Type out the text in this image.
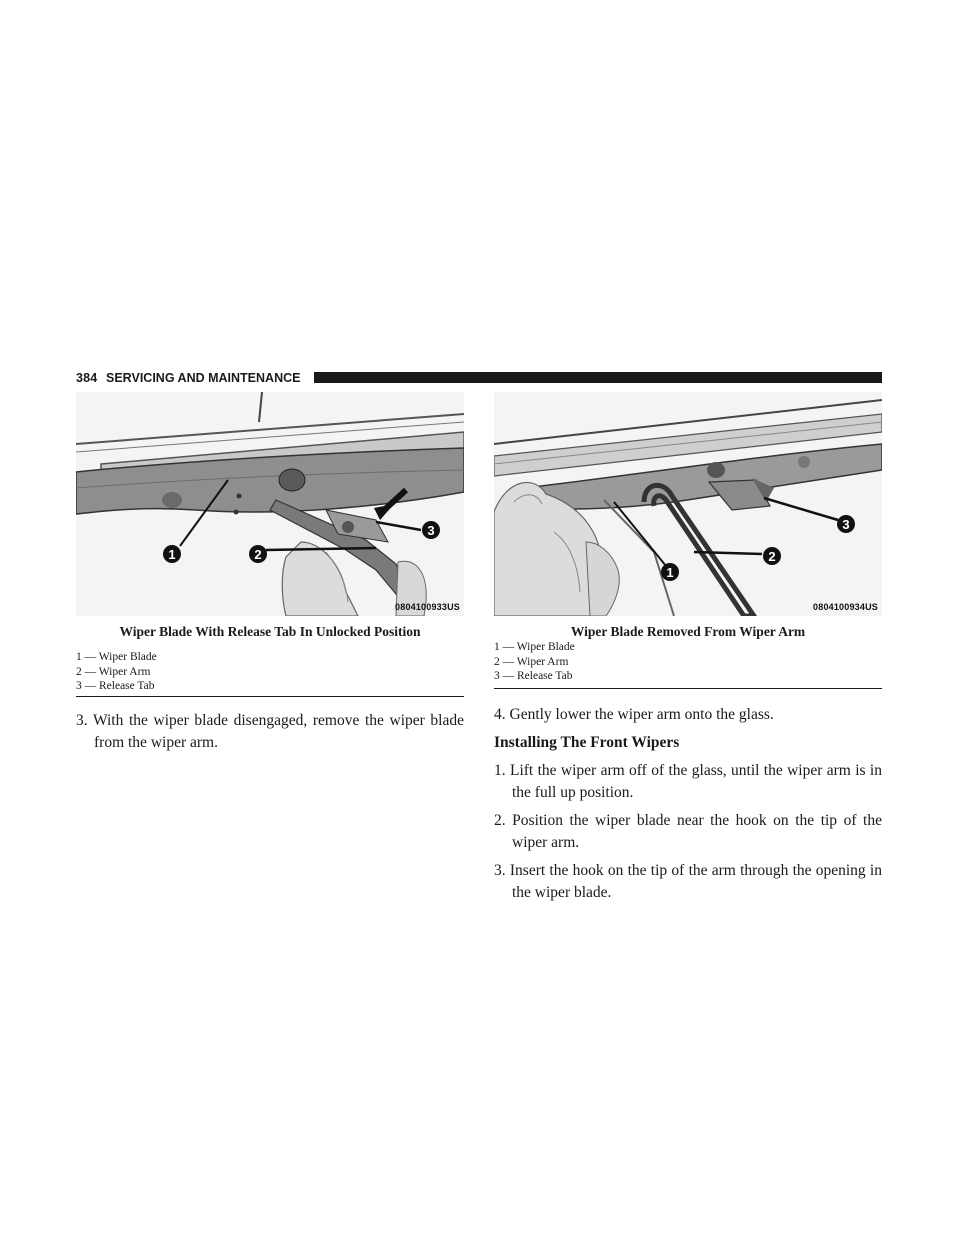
384 SERVICING AND MAINTENANCE
1	2
3
0804100933US
Wiper Blade With Release Tab In Unlocked Position
1 — Wiper Blade
2 — Wiper Arm
3 — Release Tab
1
2
3
0804100934US
Wiper Blade Removed From Wiper Arm
1 — Wiper Blade
2 — Wiper Arm
3 — Release Tab
3. With the wiper blade disengaged, remove the wiper blade from the wiper arm.
4. Gently lower the wiper arm onto the glass.
Installing The Front Wipers
1. Lift the wiper arm off of the glass, until the wiper arm is in the full up position.
2. Position the wiper blade near the hook on the tip of the wiper arm.
3. Insert the hook on the tip of the arm through the opening in the wiper blade.
